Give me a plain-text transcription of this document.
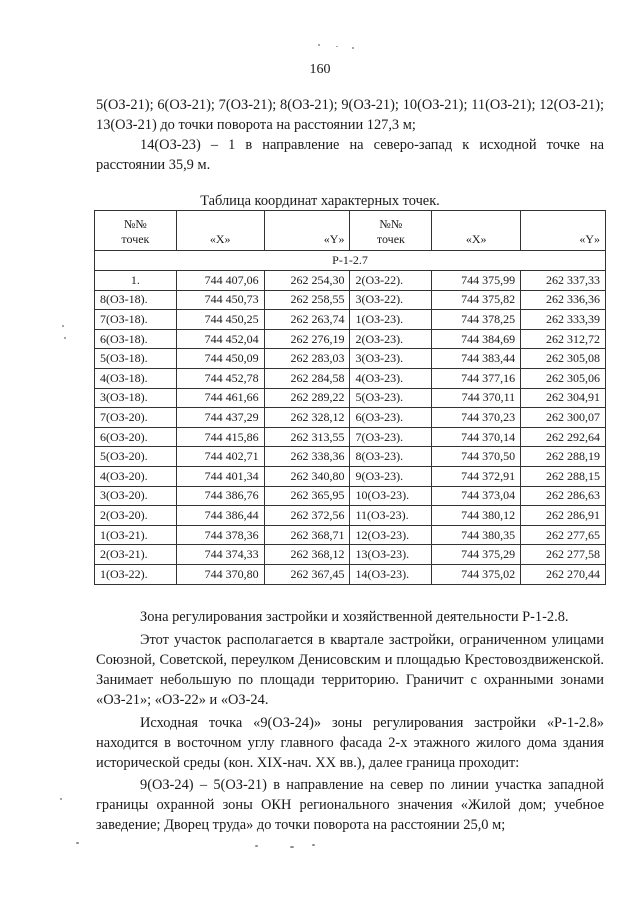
160
5(ОЗ-21); 6(ОЗ-21); 7(ОЗ-21); 8(ОЗ-21); 9(ОЗ-21); 10(ОЗ-21); 11(ОЗ-21); 12(ОЗ-21); 13(ОЗ-21) до точки поворота на расстоянии 127,3 м;
14(ОЗ-23) – 1 в направление на северо-запад к исходной точке на расстоянии 35,9 м.
Таблица координат характерных точек.
№№
точек	«X»	«Y»	№№
точек	«X»	«Y»

Р-1-2.7					
1.	744 407,06	262 254,30	2(ОЗ-22).	744 375,99	262 337,33
8(ОЗ-18).	744 450,73	262 258,55	3(ОЗ-22).	744 375,82	262 336,36
7(ОЗ-18).	744 450,25	262 263,74	1(ОЗ-23).	744 378,25	262 333,39
6(ОЗ-18).	744 452,04	262 276,19	2(ОЗ-23).	744 384,69	262 312,72
5(ОЗ-18).	744 450,09	262 283,03	3(ОЗ-23).	744 383,44	262 305,08
4(ОЗ-18).	744 452,78	262 284,58	4(ОЗ-23).	744 377,16	262 305,06
3(ОЗ-18).	744 461,66	262 289,22	5(ОЗ-23).	744 370,11	262 304,91
7(ОЗ-20).	744 437,29	262 328,12	6(ОЗ-23).	744 370,23	262 300,07
6(ОЗ-20).	744 415,86	262 313,55	7(ОЗ-23).	744 370,14	262 292,64
5(ОЗ-20).	744 402,71	262 338,36	8(ОЗ-23).	744 370,50	262 288,19
4(ОЗ-20).	744 401,34	262 340,80	9(ОЗ-23).	744 372,91	262 288,15
3(ОЗ-20).	744 386,76	262 365,95	10(ОЗ-23).	744 373,04	262 286,63
2(ОЗ-20).	744 386,44	262 372,56	11(ОЗ-23).	744 380,12	262 286,91
1(ОЗ-21).	744 378,36	262 368,71	12(ОЗ-23).	744 380,35	262 277,65
2(ОЗ-21).	744 374,33	262 368,12	13(ОЗ-23).	744 375,29	262 277,58
1(ОЗ-22).	744 370,80	262 367,45	14(ОЗ-23).	744 375,02	262 270,44
Зона регулирования застройки и хозяйственной деятельности Р-1-2.8.
Этот участок располагается в квартале застройки, ограниченном улицами Союзной, Советской, переулком Денисовским и площадью Крестовоздвиженской. Занимает небольшую по площади территорию. Граничит с охранными зонами «ОЗ-21»; «ОЗ-22» и «ОЗ-24.
Исходная точка «9(ОЗ-24)» зоны регулирования застройки «Р-1-2.8» находится в восточном углу главного фасада 2-х этажного жилого дома здания исторической среды (кон. XIX-нач. XX вв.), далее граница проходит:
9(ОЗ-24) – 5(ОЗ-21) в направление на север по линии участка западной границы охранной зоны ОКН регионального значения «Жилой дом; учебное заведение; Дворец труда» до точки поворота на расстоянии 25,0 м;
